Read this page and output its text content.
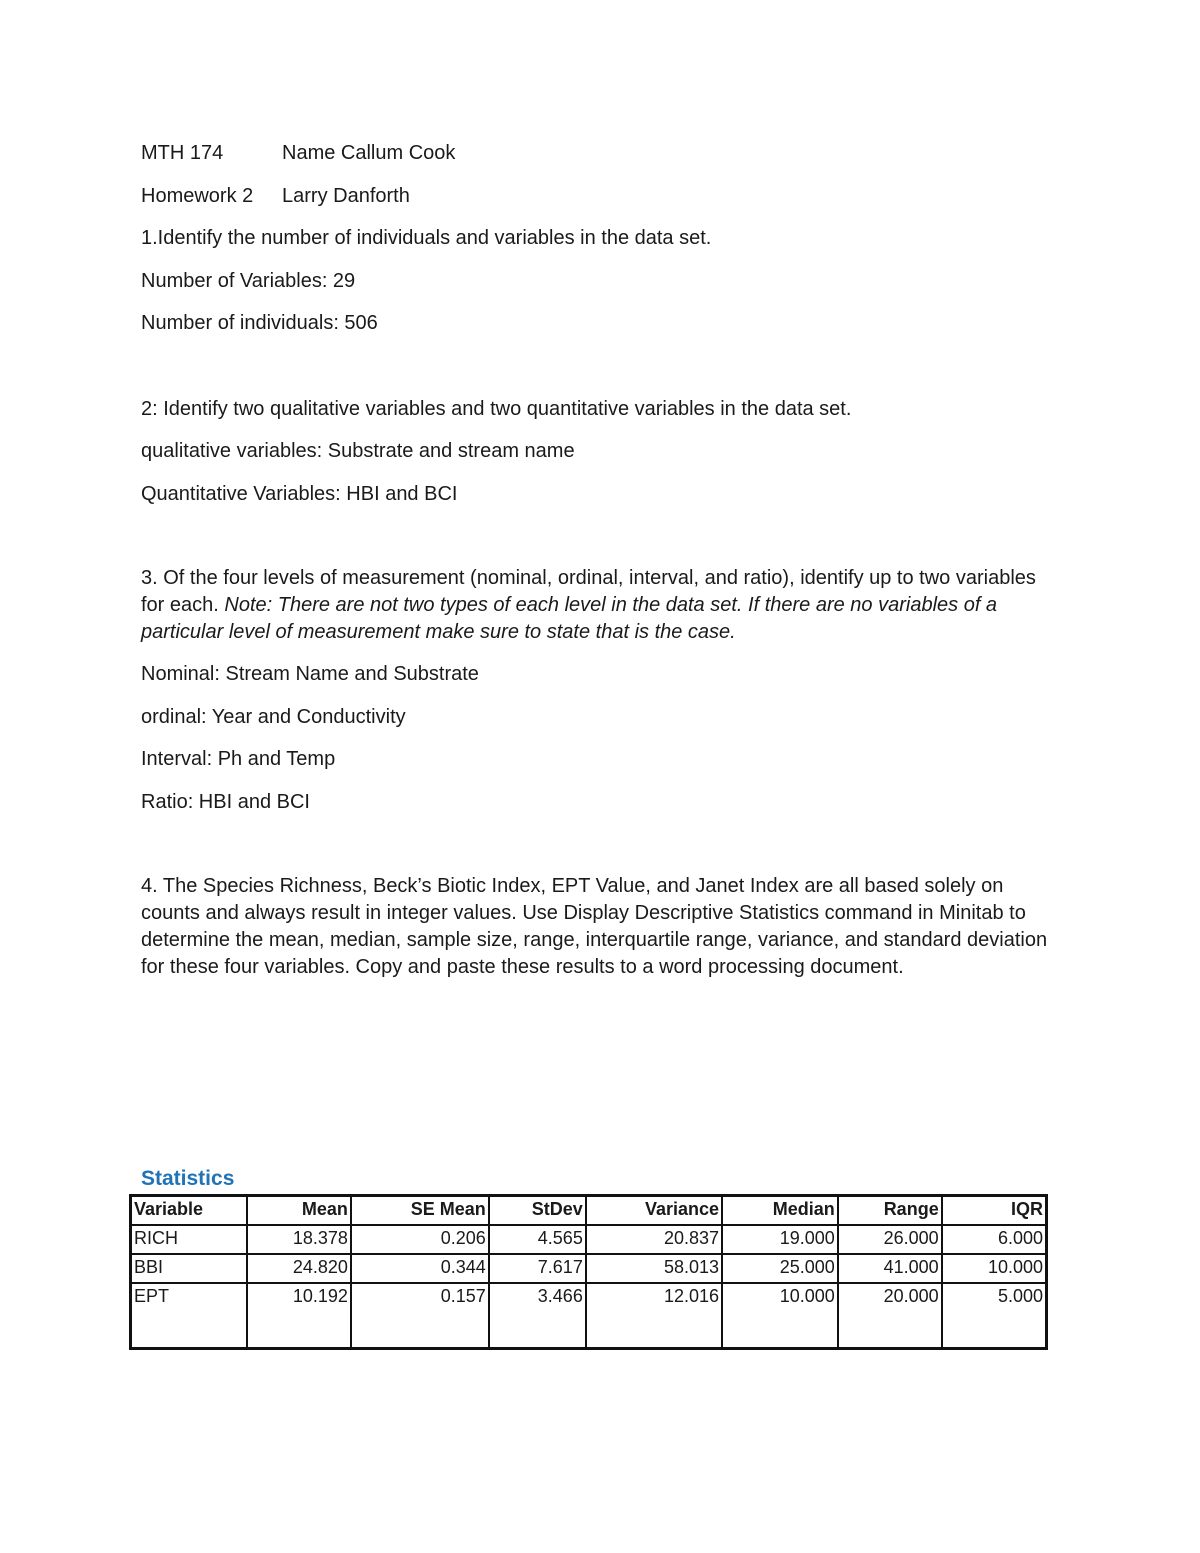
MTH 174	Name Callum Cook
Homework 2 Larry Danforth
1.Identify the number of individuals and variables in the data set.
Number of Variables: 29
Number of individuals: 506
2: Identify two qualitative variables and two quantitative variables in the data set.
qualitative variables: Substrate and stream name
Quantitative Variables: HBI and BCI
3. Of the four levels of measurement (nominal, ordinal, interval, and ratio), identify up to two variables for each. Note: There are not two types of each level in the data set. If there are no variables of a particular level of measurement make sure to state that is the case.
Nominal: Stream Name and Substrate
ordinal: Year and Conductivity
Interval: Ph and Temp
Ratio: HBI and BCI
4. The Species Richness, Beck’s Biotic Index, EPT Value, and Janet Index are all based solely on counts and always result in integer values. Use Display Descriptive Statistics command in Minitab to determine the mean, median, sample size, range, interquartile range, variance, and standard deviation for these four variables. Copy and paste these results to a word processing document.
Statistics
Variable	Mean	SE Mean	StDev	Variance	Median	Range	IQR
RICH	18.378	0.206	4.565	20.837	19.000	26.000	6.000
BBI	24.820	0.344	7.617	58.013	25.000	41.000	10.000
EPT	10.192	0.157	3.466	12.016	10.000	20.000	5.000
